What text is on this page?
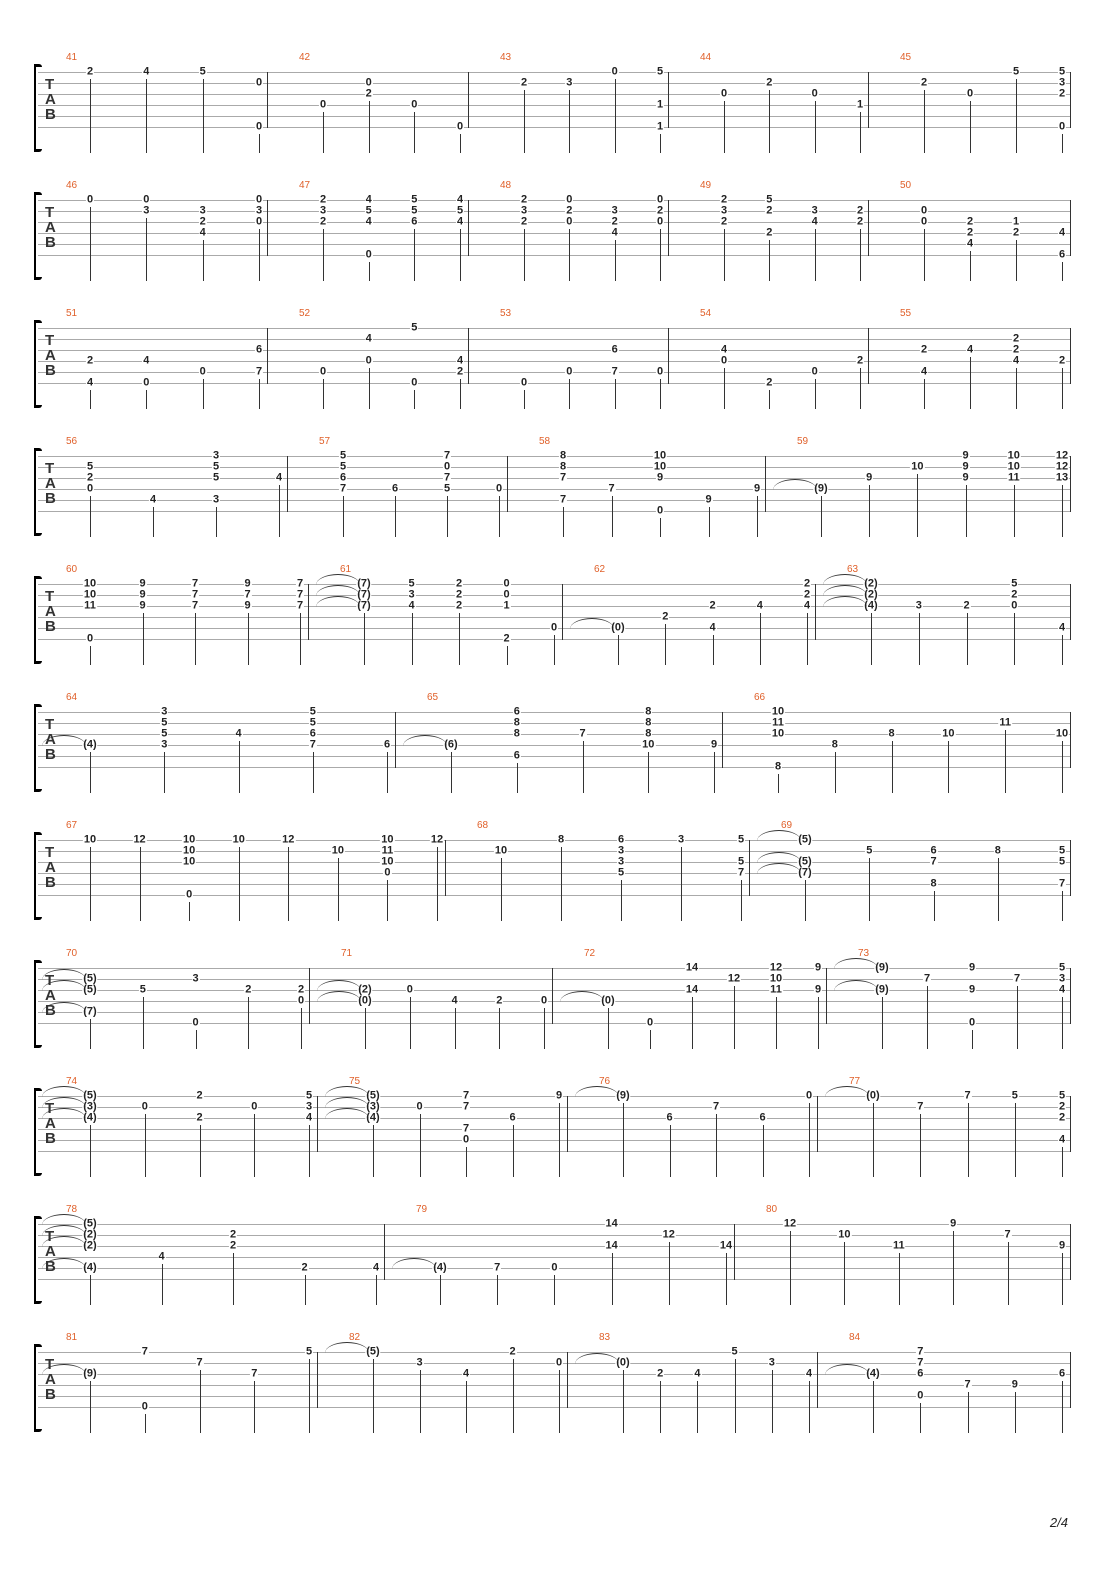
T
A
B
41
2	4	5
0
0
42
0
0
2
0
0
43
2	3
0	5
1
1
44
0
2
0
1
45
2
0
5	5
3
2
0
T
A
B
46
0	0
3	3
2
4
0
3
0
47
2
3
2
4
5
4
0
5
5
6
4
5
4
48
2
3
2
0
2
0
3
2
4
0
2
0
49
2
3
2
5
2
2
3
4
2
2
50
0
0	2
2
4
1
2	4
6
T
A
B
51
2
4
4
0
0
6
7
52
0
4
0
5
0
4
2
53
0
0
6
7	0
54
4
0
2
0
2
55
2
4
4
2
2
4	2
T
A
B
56
5
2
0
4
3
5
5
3
4
57
5
5
6
7	6
7
0
7
5	0
58
8
8
7
7
7
10
10
9
0
9
9
59
(9)
9
10
9
9
9
10
10
11
12
12
13
T
A
B
60
10
10
11
0
9
9
9
7
7
7
9
7
9
7
7
7
61
(7)
(7)
(7)
5
3
4
2
2
2
0
0
1
2
0
62
(0)
2
2
4
4
2
2
4
63
(2)
(2)
(4)	3	2
5
2
0
4
T
A
B
64
(4)
3
5
5
3
4
5
5
6
7	6
65
(6)
6
8
8
6
7
8
8
8
10	9
66
10
11
10
8
8
8	10
11
10
T
A
B
67
10	12	10
10
10
0
10	12
10
10
11
10
0
12
68
10
8	6
3
3
5
3	5
5
7
69
(5)
(5)
(7)
5	6
7
8
8	5
5
7
T
A
B
70
(5)
(5)
(7)
5
3
0
2	2
0
71
(2)
(0)
0
4	2	0
72
(0)
0
14
14
12
12
10
11
9
9
73
(9)
(9)
7
9
9
0
7
5
3
4
T
A
B
74
(5)
(3)
(4)
0
2
2
0
5
3
4
75
(5)
(3)
(4)
0
7
7
7
0
6
9
76
(9)
6
7
6
0
77
(0)
7
7	5	5
2
2
4
T
A
B
78
(5)
(2)
(2)
(4)
4
2
2
2	4
79
(4)	7	0
14
14
12
14
80
12
10
11
9
7
9
T
A
B
81
(9)
7
0
7
7
5
82
(5)
3
4
2
0
83
(0)
2	4
5
3
4
84
(4)
7
7
6
0
7	9
6
2/4
